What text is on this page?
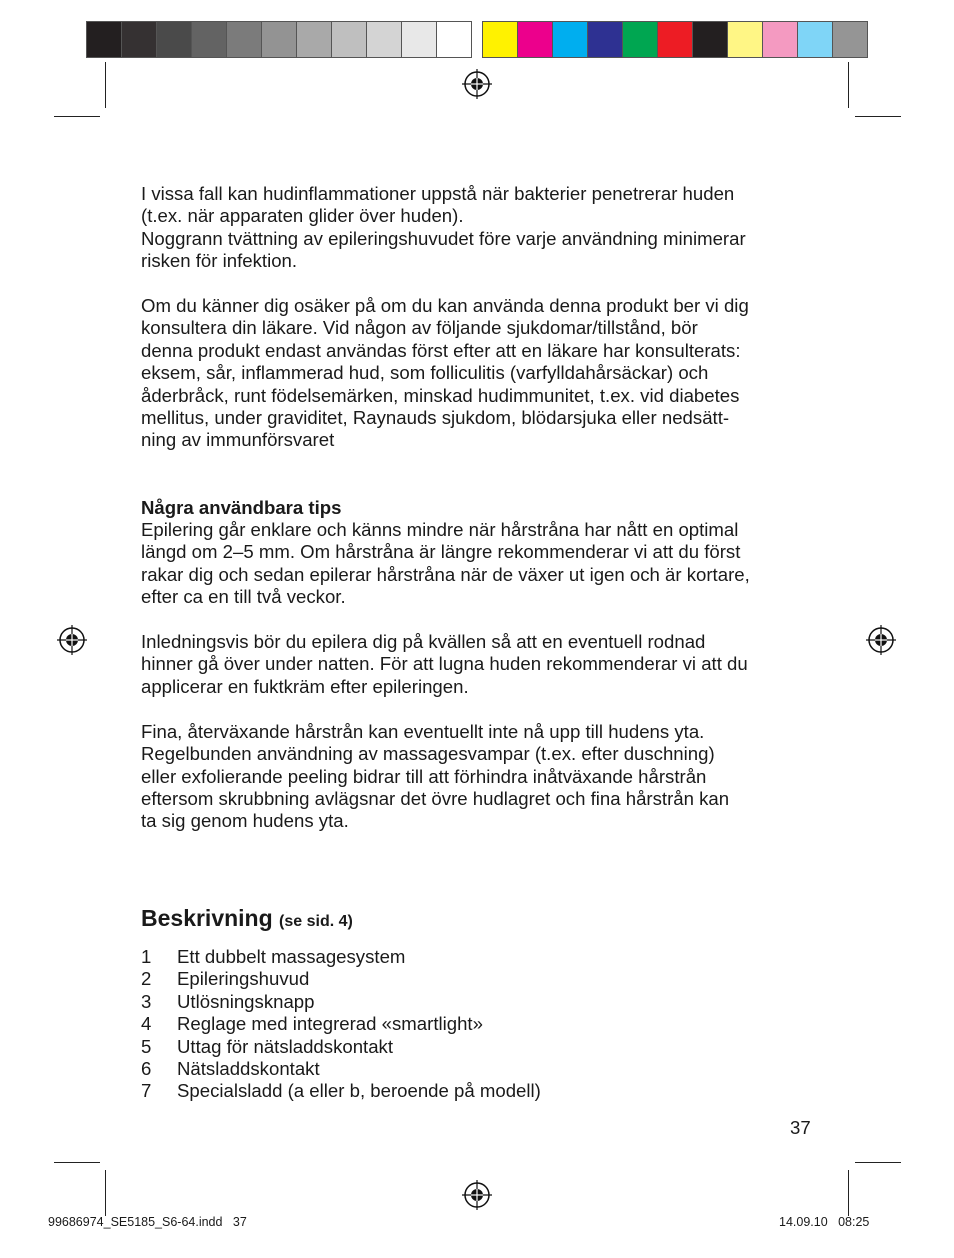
I vissa fall kan hudinflammationer uppstå när bakterier penetrerar huden
(t.ex. när apparaten glider över huden).
Noggrann tvättning av epileringshuvudet före varje användning minimerar
risken för infektion.

Om du känner dig osäker på om du kan använda denna produkt ber vi dig
konsultera din läkare. Vid någon av följande sjukdomar/tillstånd, bör
denna produkt endast användas först efter att en läkare har konsulterats:
eksem, sår, inflammerad hud, som folliculitis (varfylldahårsäckar) och
åderbråck, runt födelsemärken, minskad hudimmunitet, t.ex. vid diabetes
mellitus, under graviditet, Raynauds sjukdom, blödarsjuka eller nedsätt-
ning av immunförsvaret

Några användbara tips
Epilering går enklare och känns mindre när hårstråna har nått en optimal
längd om 2–5 mm. Om hårstråna är längre rekommenderar vi att du först
rakar dig och sedan epilerar hårstråna när de växer ut igen och är kortare,
efter ca en till två veckor.

Inledningsvis bör du epilera dig på kvällen så att en eventuell rodnad
hinner gå över under natten. För att lugna huden rekommenderar vi att du
applicerar en fuktkräm efter epileringen.

Fina, återväxande hårstrån kan eventuellt inte nå upp till hudens yta.
Regelbunden användning av massagesvampar (t.ex. efter duschning)
eller exfolierande peeling bidrar till att förhindra inåtväxande hårstrån
eftersom skrubbning avlägsnar det övre hudlagret och fina hårstrån kan
ta sig genom hudens yta.

Beskrivning (se sid. 4)
1	Ett dubbelt massagesystem
2	Epileringshuvud
3	Utlösningsknapp
4	Reglage med integrerad «smartlight»
5	Uttag för nätsladdskontakt
6	Nätsladdskontakt
7	Specialsladd (a eller b, beroende på modell)
37
99686974_SE5185_S6-64.indd   37	14.09.10   08:25
